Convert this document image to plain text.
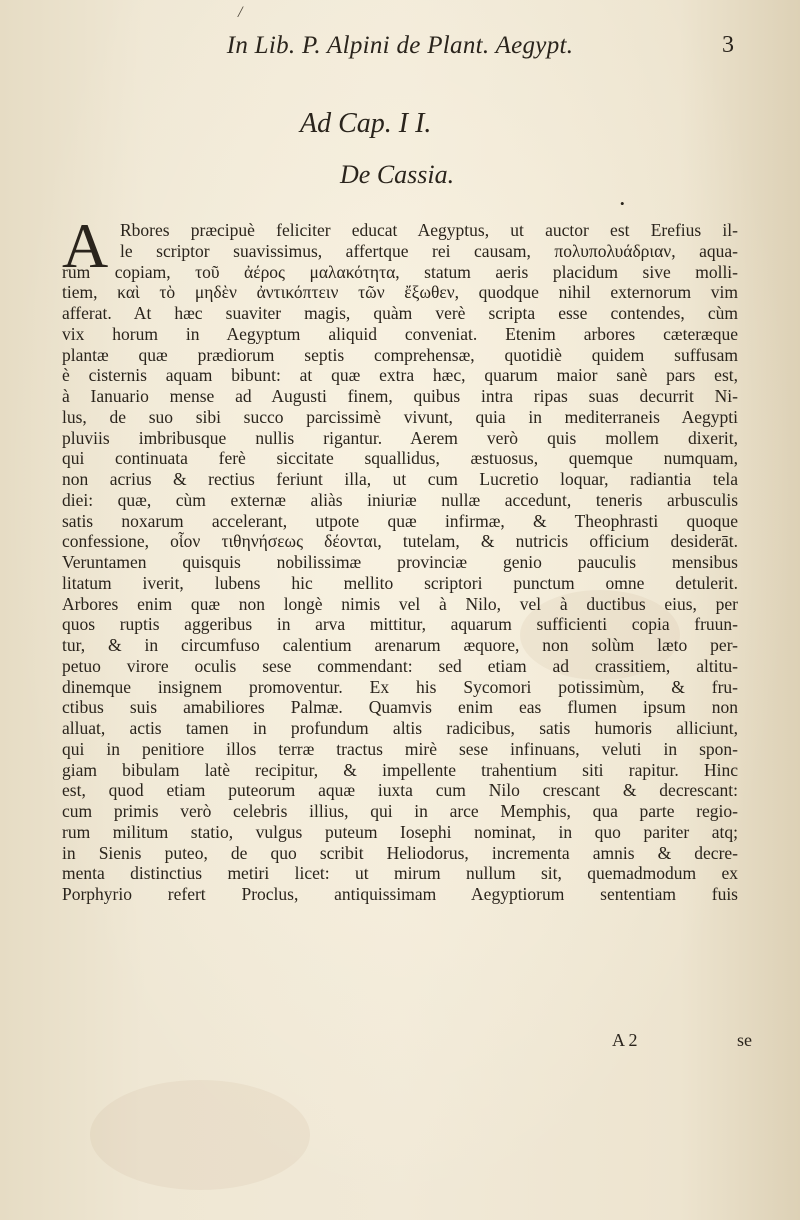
/
In Lib. P. Alpini de Plant. Aegypt.	3
Ad Cap. I I.
De Cassia.
•
A Rbores præcipuè feliciter educat Aegyptus, ut auctor est Erefius il-
le scriptor suavissimus, affertque rei causam, πολυπολυάδριαν, aqua-
rum copiam, τοῦ ἀέρος μαλακότητα, statum aeris placidum sive molli-
tiem, καὶ τὸ μηδὲν ἀντικόπτειν τῶν ἔξωθεν, quodque nihil externorum vim
afferat. At hæc suaviter magis, quàm verè scripta esse contendes, cùm
vix horum in Aegyptum aliquid conveniat. Etenim arbores cæteræque
plantæ quæ prædiorum septis comprehensæ, quotidiè quidem suffusam
è cisternis aquam bibunt: at quæ extra hæc, quarum maior sanè pars est,
à Ianuario mense ad Augusti finem, quibus intra ripas suas decurrit Ni-
lus, de suo sibi succo parcissimè vivunt, quia in mediterraneis Aegypti
pluviis imbribusque nullis rigantur. Aerem verò quis mollem dixerit,
qui continuata ferè siccitate squallidus, æstuosus, quemque numquam,
non acrius & rectius feriunt illa, ut cum Lucretio loquar, radiantia tela
diei: quæ, cùm externæ aliàs iniuriæ nullæ accedunt, teneris arbusculis
satis noxarum accelerant, utpote quæ infirmæ, & Theophrasti quoque
confessione, οἷον τιθηνήσεως δέονται, tutelam, & nutricis officium desiderāt.
Veruntamen quisquis nobilissimæ provinciæ genio pauculis mensibus
litatum iverit, lubens hic mellito scriptori punctum omne detulerit.
Arbores enim quæ non longè nimis vel à Nilo, vel à ductibus eius, per
quos ruptis aggeribus in arva mittitur, aquarum sufficienti copia fruun-
tur, & in circumfuso calentium arenarum æquore, non solùm læto per-
petuo virore oculis sese commendant: sed etiam ad crassitiem, altitu-
dinemque insignem promoventur. Ex his Sycomori potissimùm, & fru-
ctibus suis amabiliores Palmæ. Quamvis enim eas flumen ipsum non
alluat, actis tamen in profundum altis radicibus, satis humoris alliciunt,
qui in penitiore illos terræ tractus mirè sese infinuans, veluti in spon-
giam bibulam latè recipitur, & impellente trahentium siti rapitur. Hinc
est, quod etiam puteorum aquæ iuxta cum Nilo crescant & decrescant:
cum primis verò celebris illius, qui in arce Memphis, qua parte regio-
rum militum statio, vulgus puteum Iosephi nominat, in quo pariter atq;
in Sienis puteo, de quo scribit Heliodorus, incrementa amnis & decre-
menta distinctius metiri licet: ut mirum nullum sit, quemadmodum ex
Porphyrio refert Proclus, antiquissimam Aegyptiorum sententiam fuis
A 2	se
